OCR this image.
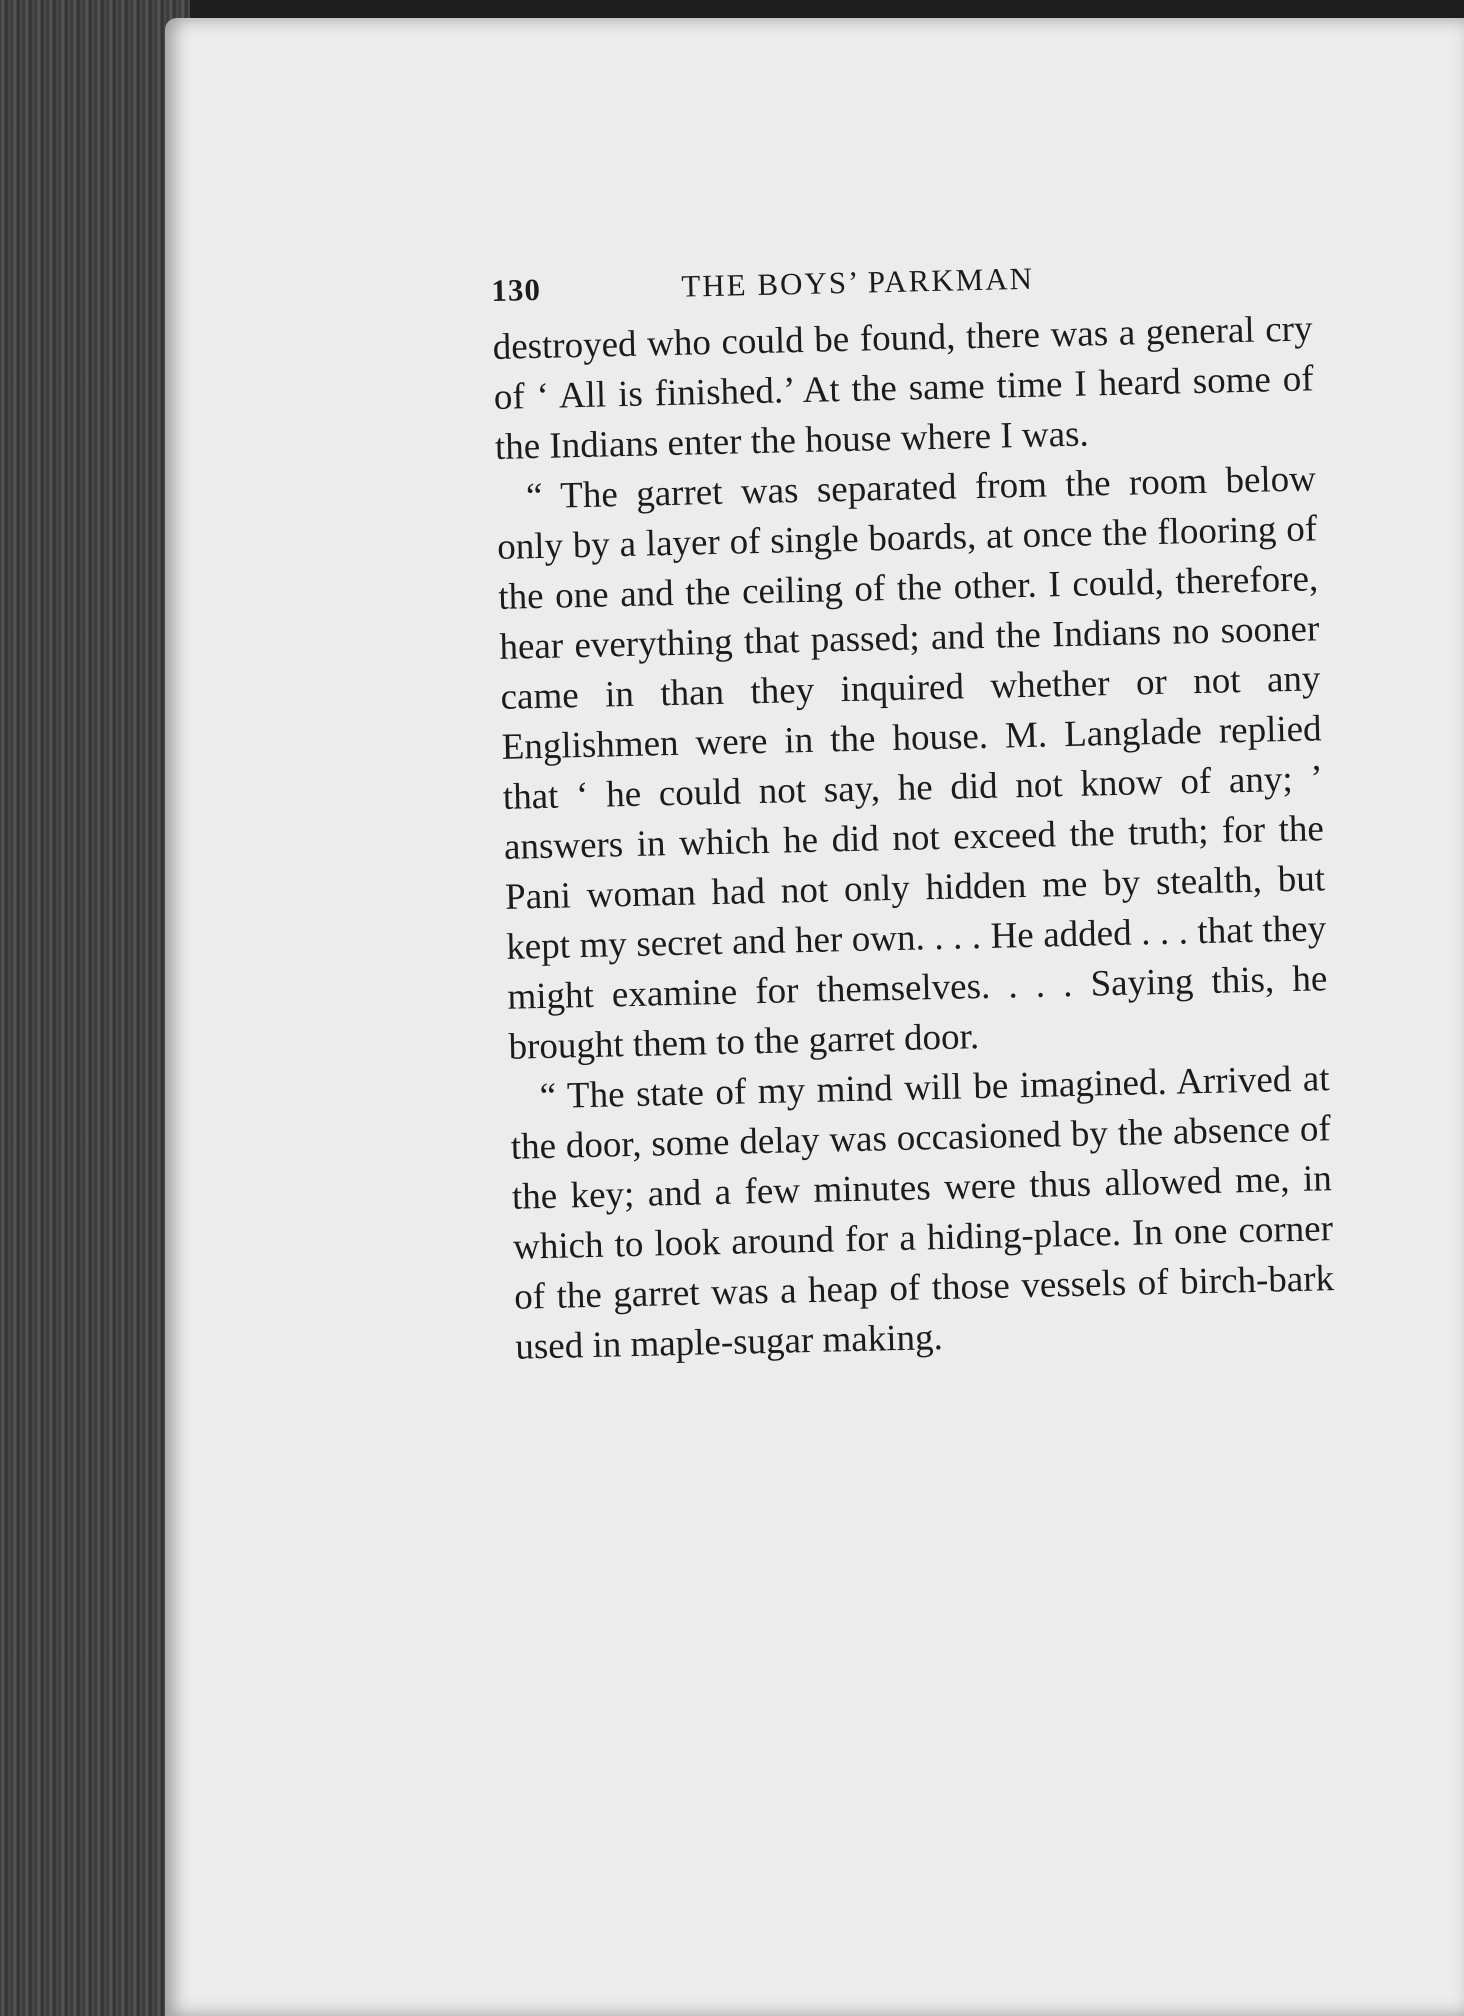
130	THE BOYS’ PARKMAN

destroyed who could be found, there was a general cry of ‘ All is finished.’ At the same time I heard some of the Indians enter the house where I was.

“ The garret was separated from the room below only by a layer of single boards, at once the flooring of the one and the ceiling of the other. I could, therefore, hear everything that passed; and the Indians no sooner came in than they inquired whether or not any Englishmen were in the house. M. Langlade replied that ‘ he could not say, he did not know of any; ’ answers in which he did not exceed the truth; for the Pani woman had not only hidden me by stealth, but kept my secret and her own. . . . He added . . . that they might examine for themselves. . . . Saying this, he brought them to the garret door.

“ The state of my mind will be imagined. Arrived at the door, some delay was occasioned by the absence of the key; and a few minutes were thus allowed me, in which to look around for a hiding-place. In one corner of the garret was a heap of those vessels of birch-bark used in maple-sugar making.
